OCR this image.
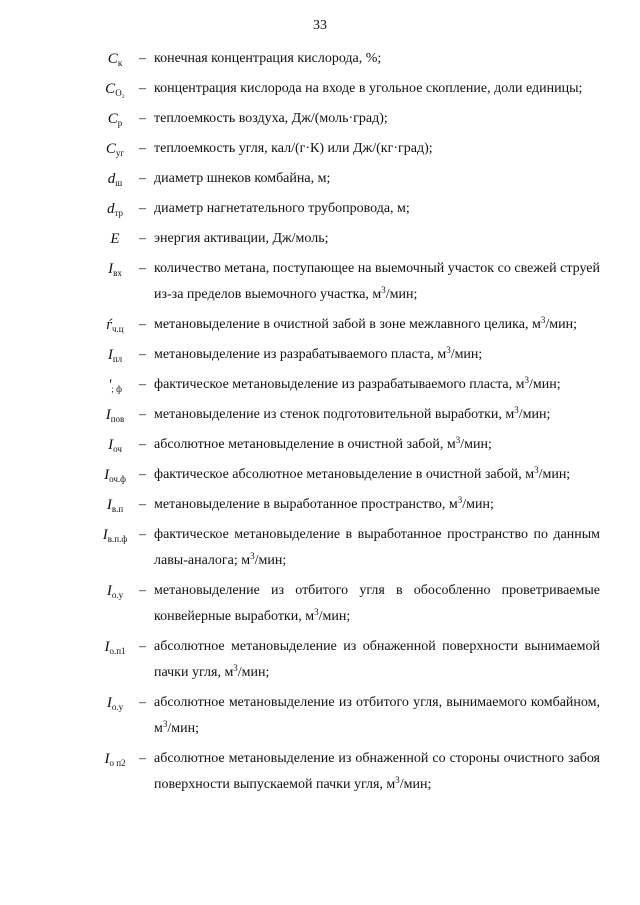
33
$C_к$	– конечная концентрация кислорода, %;
$C_{O_2}$	– концентрация кислорода на входе в угольное скопление, доли единицы;
$C_р$	– теплоемкость воздуха, Дж/(моль·град);
$C_{уг}$	– теплоемкость угля, кал/(г·К) или Дж/(кг·град);
$d_ш$	– диаметр шнеков комбайна, м;
$d_{тр}$	– диаметр нагнетательного трубопровода, м;
E	– энергия активации, Дж/моль;
$I_{вх}$	– количество метана, поступающее на выемочный участок со свежей струей из-за пределов выемочного участка, $м^3$/мин;
$ѓ_{ч.ц}$	– метановыделение в очистной забой в зоне межлавного целика, $м^3$/мин;
$I_{пл}$	– метановыделение из разрабатываемого пласта, $м^3$/мин;
'$_{; ф}$	– фактическое метановыделение из разрабатываемого пласта, $м^3$/мин;
$I_{пов}$	– метановыделение из стенок подготовительной выработки, $м^3$/мин;
$I_{оч}$	– абсолютное метановыделение в очистной забой, $м^3$/мин;
$I_{оч.ф}$ – фактическое абсолютное метановыделение в очистной забой, $м^3$/мин;
$I_{в.п}$	– метановыделение в выработанное пространство, $м^3$/мин;
$I_{в.п.ф}$ – фактическое метановыделение в выработанное пространство по данным лавы-аналога; $м^3$/мин;
$I_{о.у}$	– метановыделение из отбитого угля в обособленно проветриваемые конвейерные выработки, $м^3$/мин;
$I_{о.п1}$ – абсолютное метановыделение из обнаженной поверхности вынимаемой пачки угля, $м^3$/мин;
$I_{о.у}$	– абсолютное метановыделение из отбитого угля, вынимаемого комбайном, $м^3$/мин;
$I_{о п2}$ – абсолютное метановыделение из обнаженной со стороны очистного забоя поверхности выпускаемой пачки угля, $м^3$/мин;
